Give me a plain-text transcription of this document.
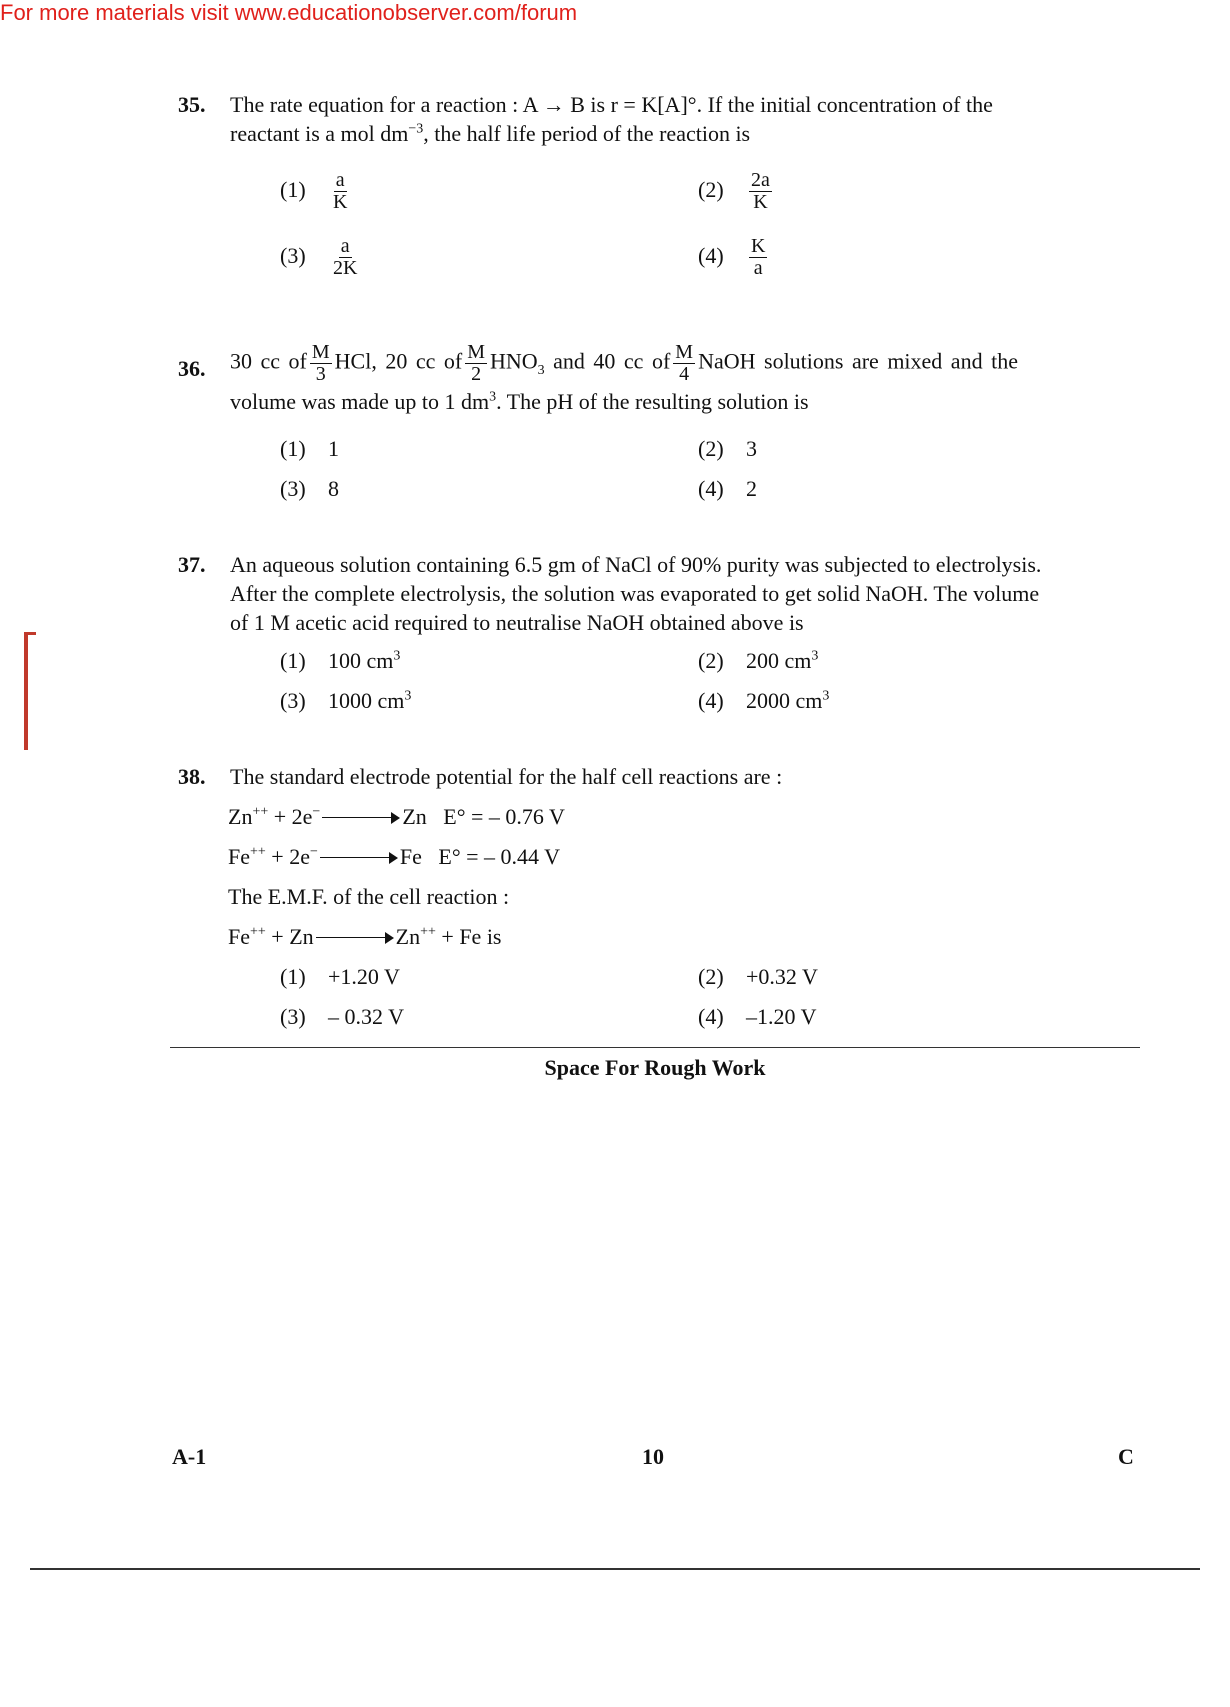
For more materials visit www.educationobserver.com/forum
35. The rate equation for a reaction : A → B is r = K[A]°. If the initial concentration of the
reactant is a mol $dm^{-3}$, the half life period of the reaction is
$(1) \frac{a}{K}$	$(2) \frac{2a}{K}$
$(3) \frac{a}{2K}$	$(4) \frac{K}{a}$
36. 30 cc of $\frac{M}{3}$ HCl, 20 cc of $\frac{M}{2} HNO_3$ and 40 cc of $\frac{M}{4}$ NaOH solutions are mixed and the
volume was made up to 1 $dm^3$. The pH of the resulting solution is
(1) 1	(2) 3
(3) 8	(4) 2
37. An aqueous solution containing 6.5 gm of NaCl of 90% purity was subjected to electrolysis.
After the complete electrolysis, the solution was evaporated to get solid NaOH. The volume
of 1 M acetic acid required to neutralise NaOH obtained above is
(1) 100 $cm^3$	(2) 200 $cm^3$
(3) 1000 $cm^3$	(4) 2000 $cm^3$
38. The standard electrode potential for the half cell reactions are :
Zn++ + 2e−	Zn   E° = – 0.76 V
Fe++ + 2e−	Fe   E° = – 0.44 V
The E.M.F. of the cell reaction :
Fe++ + Zn	Zn++ + Fe is
(1) +1.20 V	(2) +0.32 V
(3) – 0.32 V	(4) –1.20 V
Space For Rough Work
A-1	10	C
